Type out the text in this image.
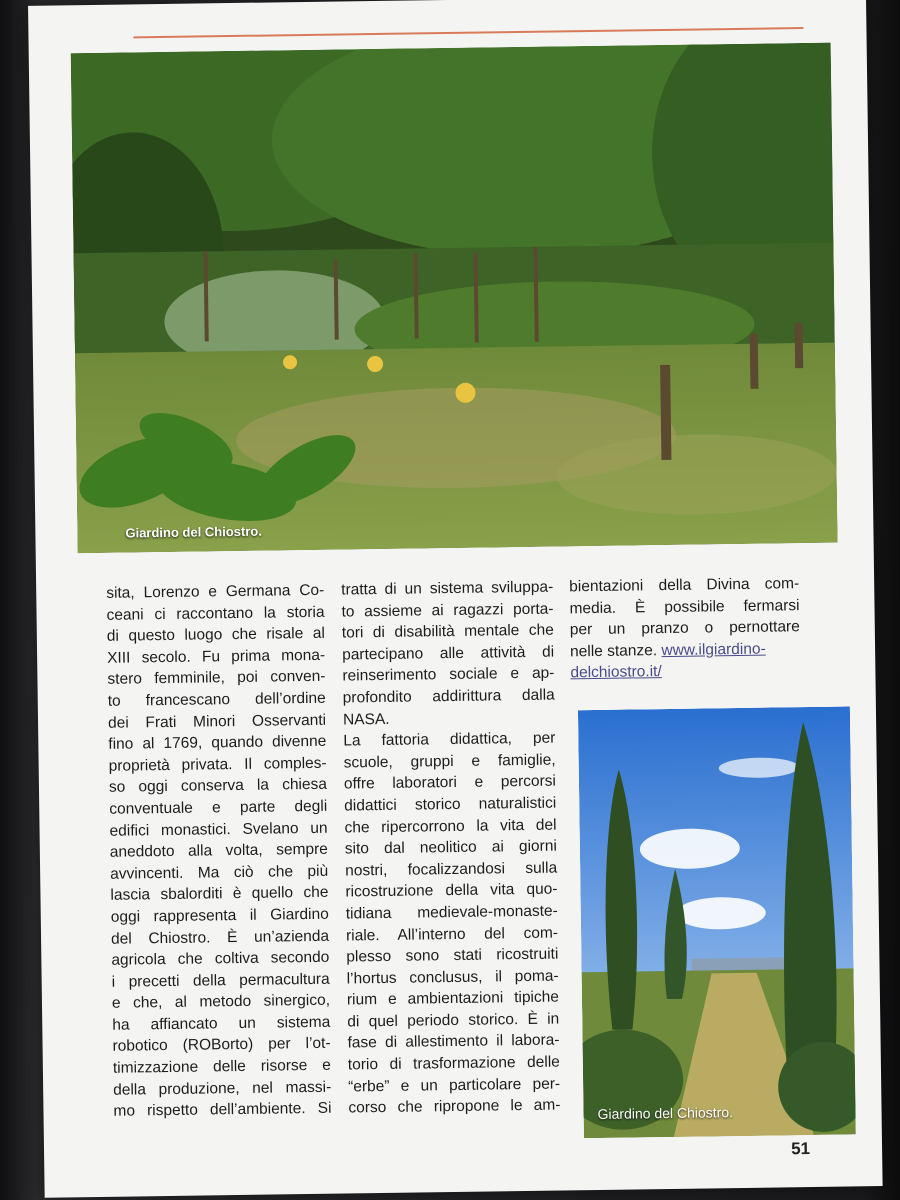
Giardino del Chiostro.
sita, Lorenzo e Germana Co-
ceani ci raccontano la storia
di questo luogo che risale al
XIII secolo. Fu prima mona-
stero femminile, poi conven-
to francescano dell’ordine
dei Frati Minori Osservanti
fino al 1769, quando divenne
proprietà privata. Il comples-
so oggi conserva la chiesa
conventuale e parte degli
edifici monastici. Svelano un
aneddoto alla volta, sempre
avvincenti. Ma ciò che più
lascia sbalorditi è quello che
oggi rappresenta il Giardino
del Chiostro. È un’azienda
agricola che coltiva secondo
i precetti della permacultura
e che, al metodo sinergico,
ha affiancato un sistema
robotico (ROBorto) per l’ot-
timizzazione delle risorse e
della produzione, nel massi-
mo rispetto dell’ambiente. Si
tratta di un sistema sviluppa-
to assieme ai ragazzi porta-
tori di disabilità mentale che
partecipano alle attività di
reinserimento sociale e ap-
profondito addirittura dalla
NASA.
La fattoria didattica, per
scuole, gruppi e famiglie,
offre laboratori e percorsi
didattici storico naturalistici
che ripercorrono la vita del
sito dal neolitico ai giorni
nostri, focalizzandosi sulla
ricostruzione della vita quo-
tidiana medievale-monaste-
riale. All’interno del com-
plesso sono stati ricostruiti
l’hortus conclusus, il poma-
rium e ambientazioni tipiche
di quel periodo storico. È in
fase di allestimento il labora-
torio di trasformazione delle
“erbe” e un particolare per-
corso che ripropone le am-
bientazioni della Divina com-
media. È possibile fermarsi
per un pranzo o pernottare
nelle stanze. www.ilgiardino-
delchiostro.it/
Giardino del Chiostro.
51
